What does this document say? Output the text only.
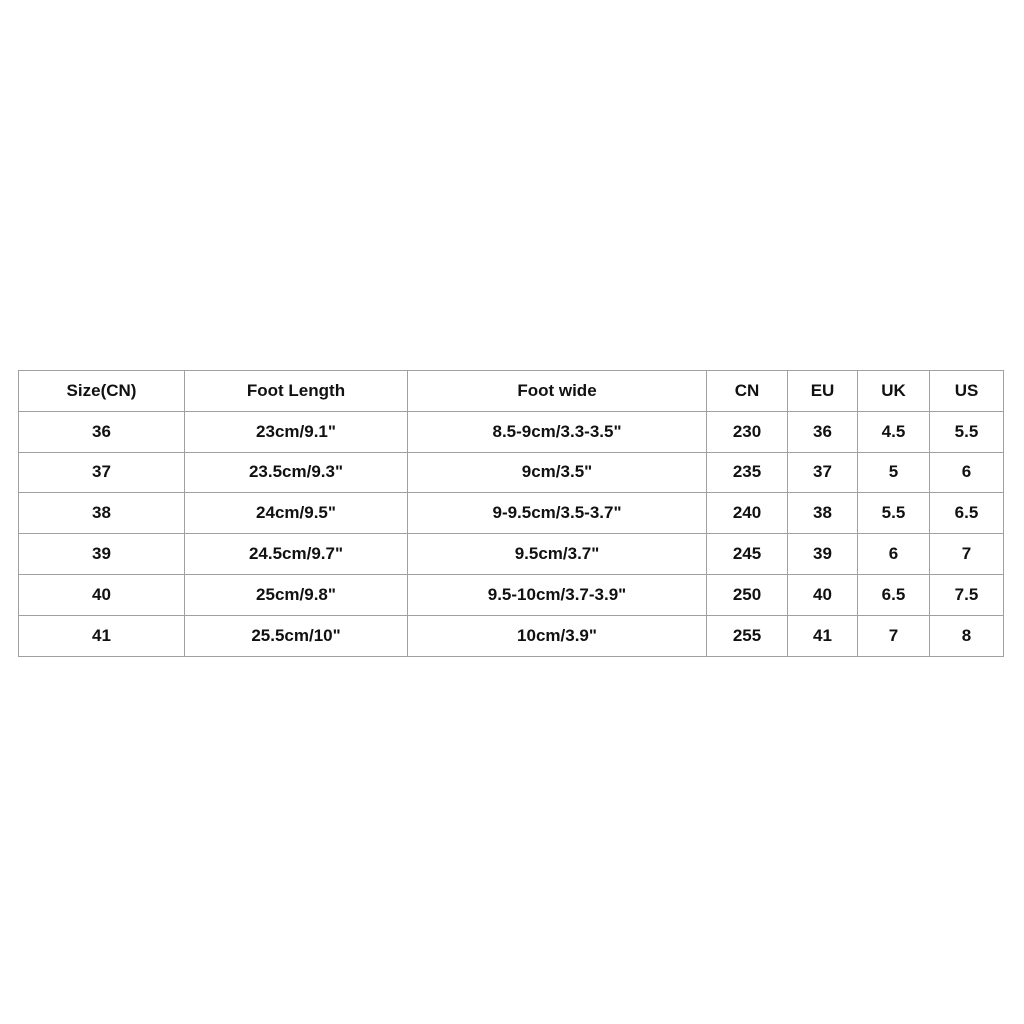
Size(CN)	Foot Length	Foot wide	CN	EU	UK	US
36	23cm/9.1"	8.5-9cm/3.3-3.5"	230	36	4.5	5.5
37	23.5cm/9.3"	9cm/3.5"	235	37	5	6
38	24cm/9.5"	9-9.5cm/3.5-3.7"	240	38	5.5	6.5
39	24.5cm/9.7"	9.5cm/3.7"	245	39	6	7
40	25cm/9.8"	9.5-10cm/3.7-3.9"	250	40	6.5	7.5
41	25.5cm/10"	10cm/3.9"	255	41	7	8
